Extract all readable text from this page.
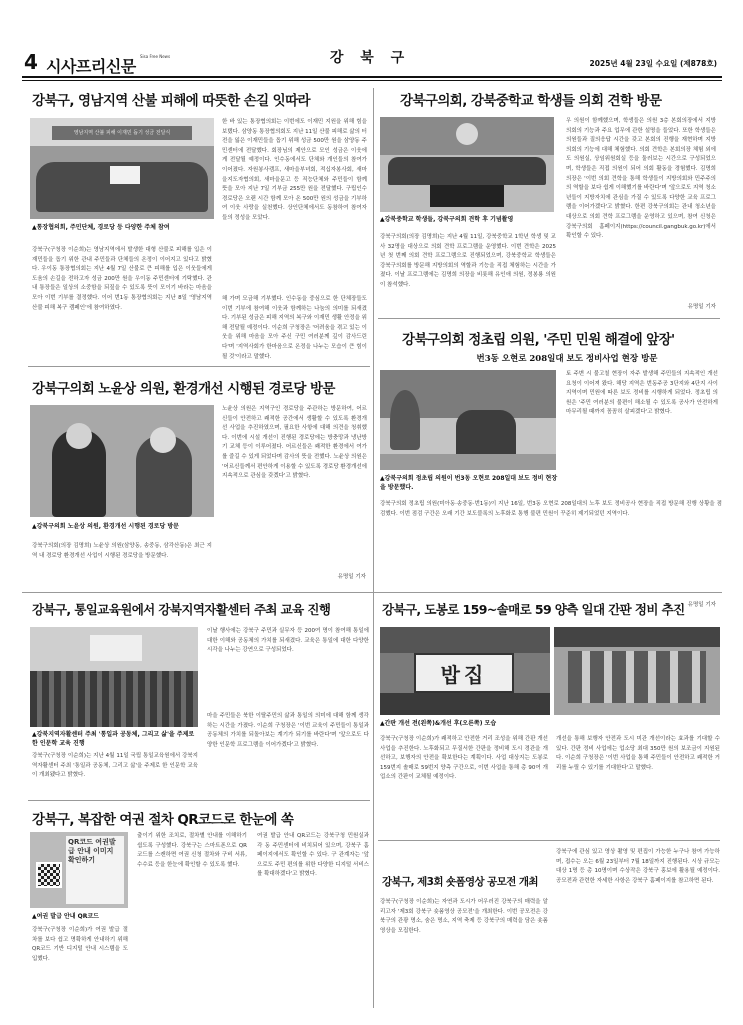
4 시사프리신문
Sisa Free News	강 북 구	2025년 4월 23일 수요일 (제878호)
강북구, 영남지역 산불 피해에 따뜻한 손길 잇따라
영남지역 산불 피해 이재민 돕기 성금 전달식
▲통장협의회, 주민단체, 경로당 등 다양한 주체 참여
강북구(구청장 이순희)는 영남지역에서 발생한 대형 산불로 피해를 입은 이재민들을 돕기 위한 관내 주민들과 단체들의 온정이 이어지고 있다고 밝혔다. 우이동 통장협의회는 지난 4월 7일 산불로 큰 피해를 입은 이웃들에게 도움의 손길을 전하고자 성금 200만 원을 우이동 주민센터에 기탁했다. 관내 통장들은 일상의 소중함을 되짚을 수 있도록 뜻이 모이기 바라는 마음을 모아 이번 기부를 결정했다. 이어 번1동 통장협의회는 지난 8일 '영남지역 산불 피해 복구 캠페인'에 참여하였다.
한 바 있는 통장협의회는 이번에도 이재민 지원을 위해 힘을 보탰다. 삼양동 통장협의회도 지난 11일 산불 피해로 삶의 터전을 잃은 이재민들을 돕기 위해 성금 500만 원을 삼양동 주민센터에 전달했다. 회장님의 제안으로 모인 성금은 이웃에게 전달될 예정이다. 인수동에서도 단체와 개인들의 참여가 이어졌다. 자원봉사캠프, 새마을부녀회, 적십자봉사회, 새마을지도자협의회, 새마을문고 등 직능단체와 주민들이 함께 뜻을 모아 지난 7일 기부금 255만 원을 전달했다. 구립인수경로당은 오랜 시간 함께 모아 온 500만 원의 성금을 기부하여 이웃 사랑을 실천했다. 상인단체에서도 동참하여 참여자들의 정성을 모았다.
해 가며 모금해 기부했다. 인수동을 중심으로 한 단체장들도 이번 기부에 참여해 이웃과 함께하는 나눔의 의미를 되새겼다. 기부된 성금은 피해 지역의 복구와 이재민 생활 안정을 위해 전달될 예정이다. 이순희 구청장은 '어려움을 겪고 있는 이웃을 위해 마음을 모아 주신 구민 여러분께 깊이 감사드린다'며 '지역사회가 한마음으로 온정을 나누는 모습이 큰 힘이 될 것'이라고 말했다.
강북구의회, 강북중학교 학생들 의회 견학 방문
▲강북중학교 학생들, 강북구의회 견학 후 기념촬영
강북구의회(의장 김명희)는 지난 4월 11일, 강북중학교 1학년 학생 및 교사 32명을 대상으로 의회 견학 프로그램을 운영했다. 이번 견학은 2025년 첫 번째 의회 견학 프로그램으로 진행되었으며, 강북중학교 학생들은 강북구의회를 방문해 지방의회의 역할과 기능을 직접 체험하는 시간을 가졌다. 이날 프로그램에는 김명희 의장을 비롯해 유인애 의원, 정봉룡 의원이 참석했다.
우 의원이 함께했으며, 학생들은 의원 3층 본회의장에서 지방의회의 기능과 주요 업무에 관한 설명을 들었다. 또한 학생들은 의원들과 질의응답 시간을 갖고 본회의 진행을 재현하며 지방의회의 기능에 대해 체험했다. 의회 견학은 본회의장 체험 외에도 의원실, 상임위원회실 등을 둘러보는 시간으로 구성되었으며, 학생들은 직접 의원이 되어 의회 활동을 경험했다. 김명희 의장은 '이번 의회 견학을 통해 학생들이 지방의회와 민주주의의 역할을 보다 쉽게 이해했기를 바란다'며 '앞으로도 지역 청소년들이 지방자치에 관심을 가질 수 있도록 다양한 교육 프로그램을 이어가겠다'고 밝혔다. 한편 강북구의회는 관내 청소년을 대상으로 의회 견학 프로그램을 운영하고 있으며, 참여 신청은 강북구의회 홈페이지(https://council.gangbuk.go.kr)에서 확인할 수 있다.
유명일 기자
강북구의회 노윤상 의원, 환경개선 시행된 경로당 방문
▲강북구의회 노윤상 의원, 환경개선 시행된 경로당 방문
강북구의회(의장 김명희) 노윤상 의원(삼양동, 송중동, 삼각산동)은 최근 지역 내 경로당 환경개선 사업이 시행된 경로당을 방문했다.
노윤상 의원은 지역구인 경로당을 주관하는 방문하여, 어르신들이 안전하고 쾌적한 공간에서 생활할 수 있도록 환경개선 사업을 추진하였으며, 필요한 사항에 대해 의견을 청취했다. 이번에 시설 개선이 진행된 경로당에는 방충망과 냉난방기 교체 등이 이루어졌다. 어르신들은 쾌적한 환경에서 여가를 즐길 수 있게 되었다며 감사의 뜻을 전했다. 노윤상 의원은 '어르신들께서 편안하게 이용할 수 있도록 경로당 환경개선에 지속적으로 관심을 갖겠다'고 밝혔다.
유명일 기자
강북구의회 정초립 의원, '주민 민원 해결에 앞장'
번3동 오현로 208일대 보도 정비사업 현장 방문
▲강북구의회 정초립 의원이 번3동 오현로 208일대 보도 정비 현장을 방문했다.
강북구의회 정초립 의원(미아동·송중동·번1동)이 지난 16일, 번3동 오현로 208일대의 노후 보도 정비공사 현장을 직접 방문해 진행 상황을 점검했다. 이번 점검 구간은 오래 기간 보도블록의 노후화로 통행 불편 민원이 꾸준히 제기되었던 지역이다.
토 주변 시 불고칠 현장이 자주 발생해 주민들의 지속적인 개선 요청이 이어져 왔다. 해당 지역은 번동주공 3단지와 4단지 사이 지역이며 민원에 따른 보도 정비를 시행하게 되었다. 정초립 의원은 '주민 여러분의 불편이 해소될 수 있도록 공사가 안전하게 마무리될 때까지 꼼꼼히 살피겠다'고 밝혔다.
유명일 기자
강북구, 통일교육원에서 강북지역자활센터 주최 교육 진행
▲강북지역자활센터 주최 '통일과 공동체, 그리고 삶'을 주제로 한 인문학 교육 진행
강북구(구청장 이순희)는 지난 4월 11일 국립 통일교육원에서 강북지역자활센터 주최 '통일과 공동체, 그리고 삶'을 주제로 한 인문학 교육이 개최됐다고 밝혔다.
이날 행사에는 강북구 주민과 실무자 등 200여 명이 참여해 통일에 대한 이해와 공동체의 가치를 되새겼다. 교육은 통일에 대한 다양한 시각을 나누는 강연으로 구성되었다.
마을 주민들은 북한 이탈주민의 삶과 통일의 의미에 대해 함께 생각하는 시간을 가졌다. 이순희 구청장은 '이번 교육이 주민들이 통일과 공동체의 가치를 되돌아보는 계기가 되기를 바란다'며 '앞으로도 다양한 인문학 프로그램을 이어가겠다'고 밝혔다.
강북구, 도봉로 159~솔매로 59 양측 일대 간판 정비 추진
밥집
▲간판 개선 전(왼쪽)&개선 후(오른쪽) 모습
강북구(구청장 이순희)가 쾌적하고 안전한 거리 조성을 위해 간판 개선 사업을 추진한다. 노후화되고 무질서한 간판을 정비해 도시 경관을 개선하고, 보행자의 안전을 확보한다는 계획이다. 사업 대상지는 도봉로 159번지 솔매로 59번지 양측 구간으로, 이번 사업을 통해 총 90여 개 업소의 간판이 교체될 예정이다.
개선을 통해 보행자 안전과 도시 미관 개선이라는 효과를 기대할 수 있다. 간판 정비 사업에는 업소당 최대 350만 원의 보조금이 지원된다. 이순희 구청장은 '이번 사업을 통해 주민들이 안전하고 쾌적한 거리를 누릴 수 있기를 기대한다'고 말했다.
강북구, 복잡한 여권 절차 QR코드로 한눈에 쏙
QR코드 여권발급 안내 이미지 확인하기
▲여권 발급 안내 QR코드
강북구(구청장 이순희)가 여권 발급 절차를 보다 쉽고 명확하게 안내하기 위해 QR코드 기반 디지털 안내 시스템을 도입했다.
출이기 위한 조치로, 절차별 안내를 이해하기 쉽도록 구성했다. 강북구는 스마트폰으로 QR코드를 스캔하면 여권 신청 절차와 구비 서류, 수수료 등을 한눈에 확인할 수 있도록 했다.
여권 발급 안내 QR코드는 강북구청 민원실과 각 동 주민센터에 비치되어 있으며, 강북구 홈페이지에서도 확인할 수 있다. 구 관계자는 '앞으로도 주민 편의를 위한 다양한 디지털 서비스를 확대하겠다'고 밝혔다.
강북구, 제3회 숏폼영상 공모전 개최
강북구(구청장 이순희)는 자연과 도시가 어우러진 강북구의 매력을 알리고자 '제3회 강북구 숏폼영상 공모전'을 개최한다. 이번 공모전은 강북구의 관광 명소, 숨은 명소, 지역 축제 등 강북구의 매력을 담은 숏폼 영상을 모집한다.
강북구에 관심 있고 영상 촬영 및 편집이 가능한 누구나 참여 가능하며, 접수는 오는 6월 23일부터 7월 18일까지 진행된다. 시상 규모는 대상 1명 등 총 10명이며 수상작은 강북구 홍보에 활용될 예정이다. 공모전과 관련한 자세한 사항은 강북구 홈페이지를 참고하면 된다.
